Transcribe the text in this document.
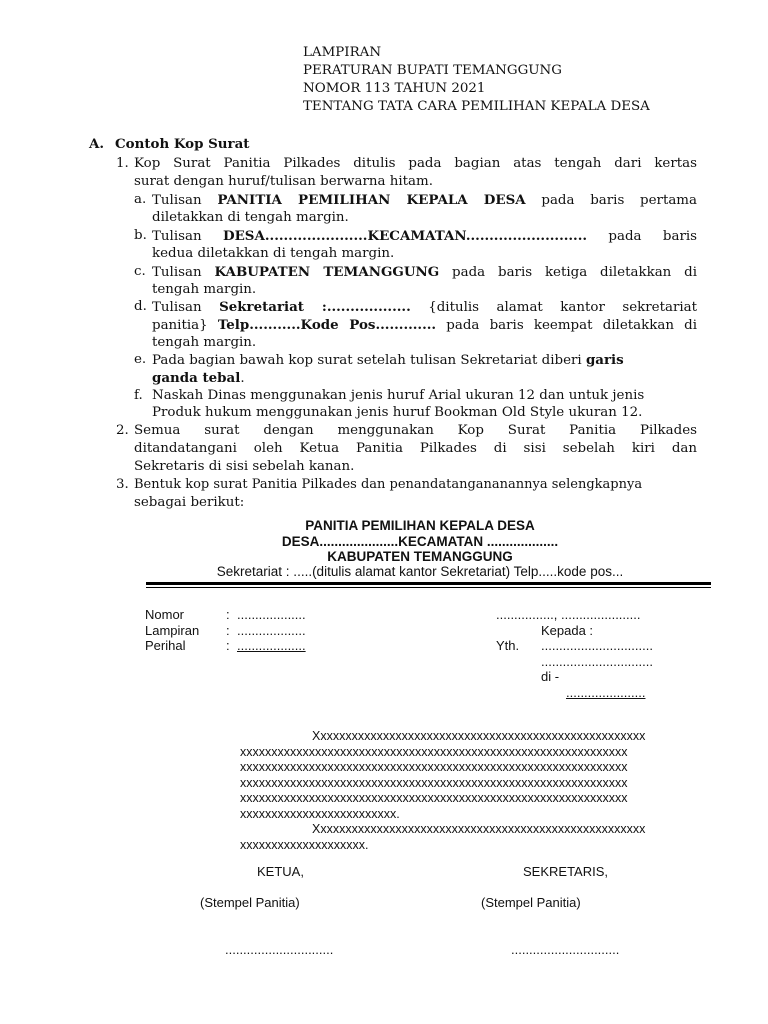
LAMPIRAN
PERATURAN BUPATI TEMANGGUNG
NOMOR 113 TAHUN 2021
TENTANG TATA CARA PEMILIHAN KEPALA DESA
A. Contoh Kop Surat
1. Kop Surat Panitia Pilkades ditulis pada bagian atas tengah dari kertas
surat dengan huruf/tulisan berwarna hitam.
a. Tulisan PANITIA PEMILIHAN KEPALA DESA pada baris pertama
diletakkan di tengah margin.
b. Tulisan DESA......................KECAMATAN.......................... pada baris
kedua diletakkan di tengah margin.
c. Tulisan KABUPATEN TEMANGGUNG pada baris ketiga diletakkan di
tengah margin.
d. Tulisan Sekretariat :.................. {ditulis alamat kantor sekretariat
panitia} Telp...........Kode Pos............. pada baris keempat diletakkan di
tengah margin.
e. Pada bagian bawah kop surat setelah tulisan Sekretariat diberi garis
ganda tebal.
f. Naskah Dinas menggunakan jenis huruf Arial ukuran 12 dan untuk jenis
Produk hukum menggunakan jenis huruf Bookman Old Style ukuran 12.
2. Semua surat dengan menggunakan Kop Surat Panitia Pilkades
ditandatangani oleh Ketua Panitia Pilkades di sisi sebelah kiri dan
Sekretaris di sisi sebelah kanan.
3. Bentuk kop surat Panitia Pilkades dan penandatangananannya selengkapnya
sebagai berikut:
PANITIA PEMILIHAN KEPALA DESA
DESA.....................KECAMATAN ...................
KABUPATEN TEMANGGUNG
Sekretariat : .....(ditulis alamat kantor Sekretariat) Telp.....kode pos...
Nomor	: ...................
Lampiran : ...................
Perihal	: ...................
................, ......................
Kepada :
Yth. ...............................
...............................
di -
......................
Xxxxxxxxxxxxxxxxxxxxxxxxxxxxxxxxxxxxxxxxxxxxxxxxxxxxx
xxxxxxxxxxxxxxxxxxxxxxxxxxxxxxxxxxxxxxxxxxxxxxxxxxxxxxxxxxxxxx
xxxxxxxxxxxxxxxxxxxxxxxxxxxxxxxxxxxxxxxxxxxxxxxxxxxxxxxxxxxxxx
xxxxxxxxxxxxxxxxxxxxxxxxxxxxxxxxxxxxxxxxxxxxxxxxxxxxxxxxxxxxxx
xxxxxxxxxxxxxxxxxxxxxxxxxxxxxxxxxxxxxxxxxxxxxxxxxxxxxxxxxxxxxx
xxxxxxxxxxxxxxxxxxxxxxxxx.
Xxxxxxxxxxxxxxxxxxxxxxxxxxxxxxxxxxxxxxxxxxxxxxxxxxxxx
xxxxxxxxxxxxxxxxxxxx.
KETUA,	SEKRETARIS,
(Stempel Panitia)	(Stempel Panitia)
..............................	..............................
